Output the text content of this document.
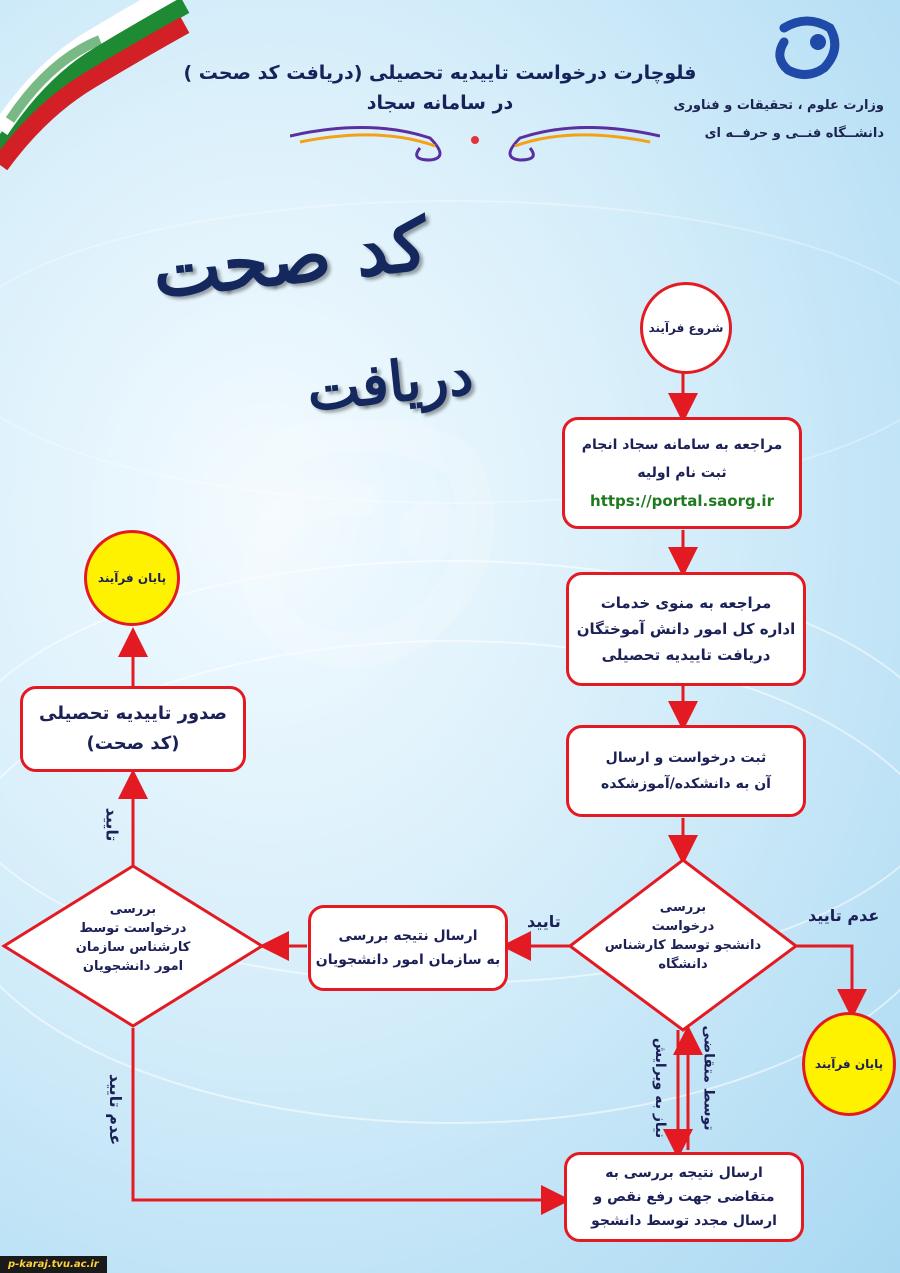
فلوچارت درخواست تاییدیه تحصیلی (دریافت کد صحت )
در سامانه سجاد	وزارت علوم ، تحقیقات و فناوری
دانشــگاه فنــی و حرفــه ای
کد صحت
دریافت
شروع فرآیند
مراجعه به سامانه سجاد انجام
ثبت نام اولیه
https://portal.saorg.ir
مراجعه به منوی خدمات
اداره کل امور دانش آموختگان
دریافت تاییدیه تحصیلی
ثبت درخواست و ارسال
آن به دانشکده/آموزشکده
بررسی
درخواست
دانشجو توسط کارشناس
دانشگاه
عدم تایید
تایید
پایان فرآیند
ارسال نتیجه بررسی
به سازمان امور دانشجویان
بررسی
درخواست توسط
کارشناس سازمان
امور دانشجویان
تایید
عدم تایید
صدور تاییدیه تحصیلی
(کد صحت)
پایان فرآیند
نیاز به ویرایش توسط متقاضی
ارسال نتیجه بررسی به
متقاضی جهت رفع نقص و
ارسال مجدد توسط دانشجو
p-karaj.tvu.ac.ir
